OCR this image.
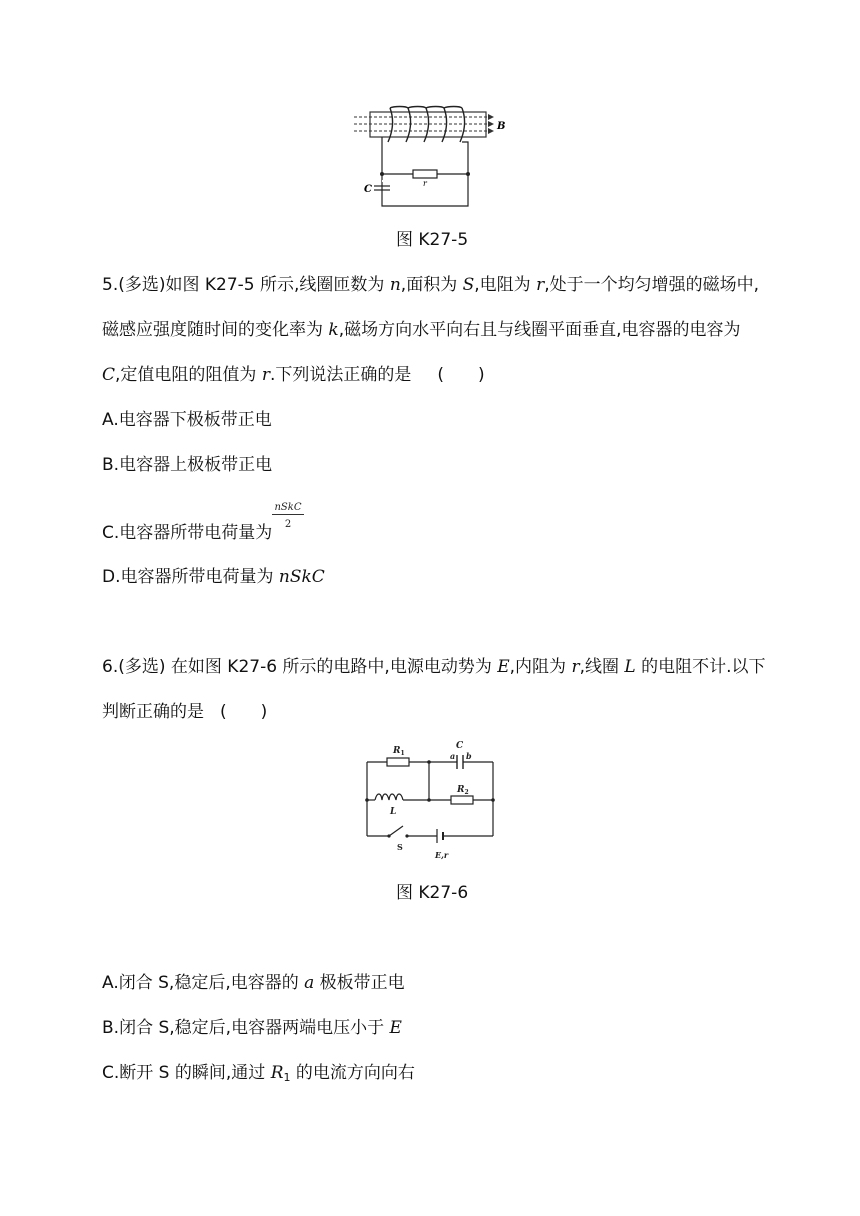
B
C
r
图 K27-5
5.(多选)如图 K27-5 所示,线圈匝数为 n,面积为 S,电阻为 r,处于一个均匀增强的磁场中,
磁感应强度随时间的变化率为 k,磁场方向水平向右且与线圈平面垂直,电容器的电容为
C,定值电阻的阻值为 r.下列说法正确的是 (　　)
A.电容器下极板带正电
B.电容器上极板带正电
C.电容器所带电荷量为
nSkC
2
D.电容器所带电荷量为 nSkC
6.(多选) 在如图 K27-6 所示的电路中,电源电动势为 E,内阻为 r,线圈 L 的电阻不计.以下
判断正确的是 (　　)
$R_1$
C
a b
L
$R_2$
S
E,r
图 K27-6
A.闭合 S,稳定后,电容器的 a 极板带正电
B.闭合 S,稳定后,电容器两端电压小于 E
C.断开 S 的瞬间,通过 $R_1$ 的电流方向向右
